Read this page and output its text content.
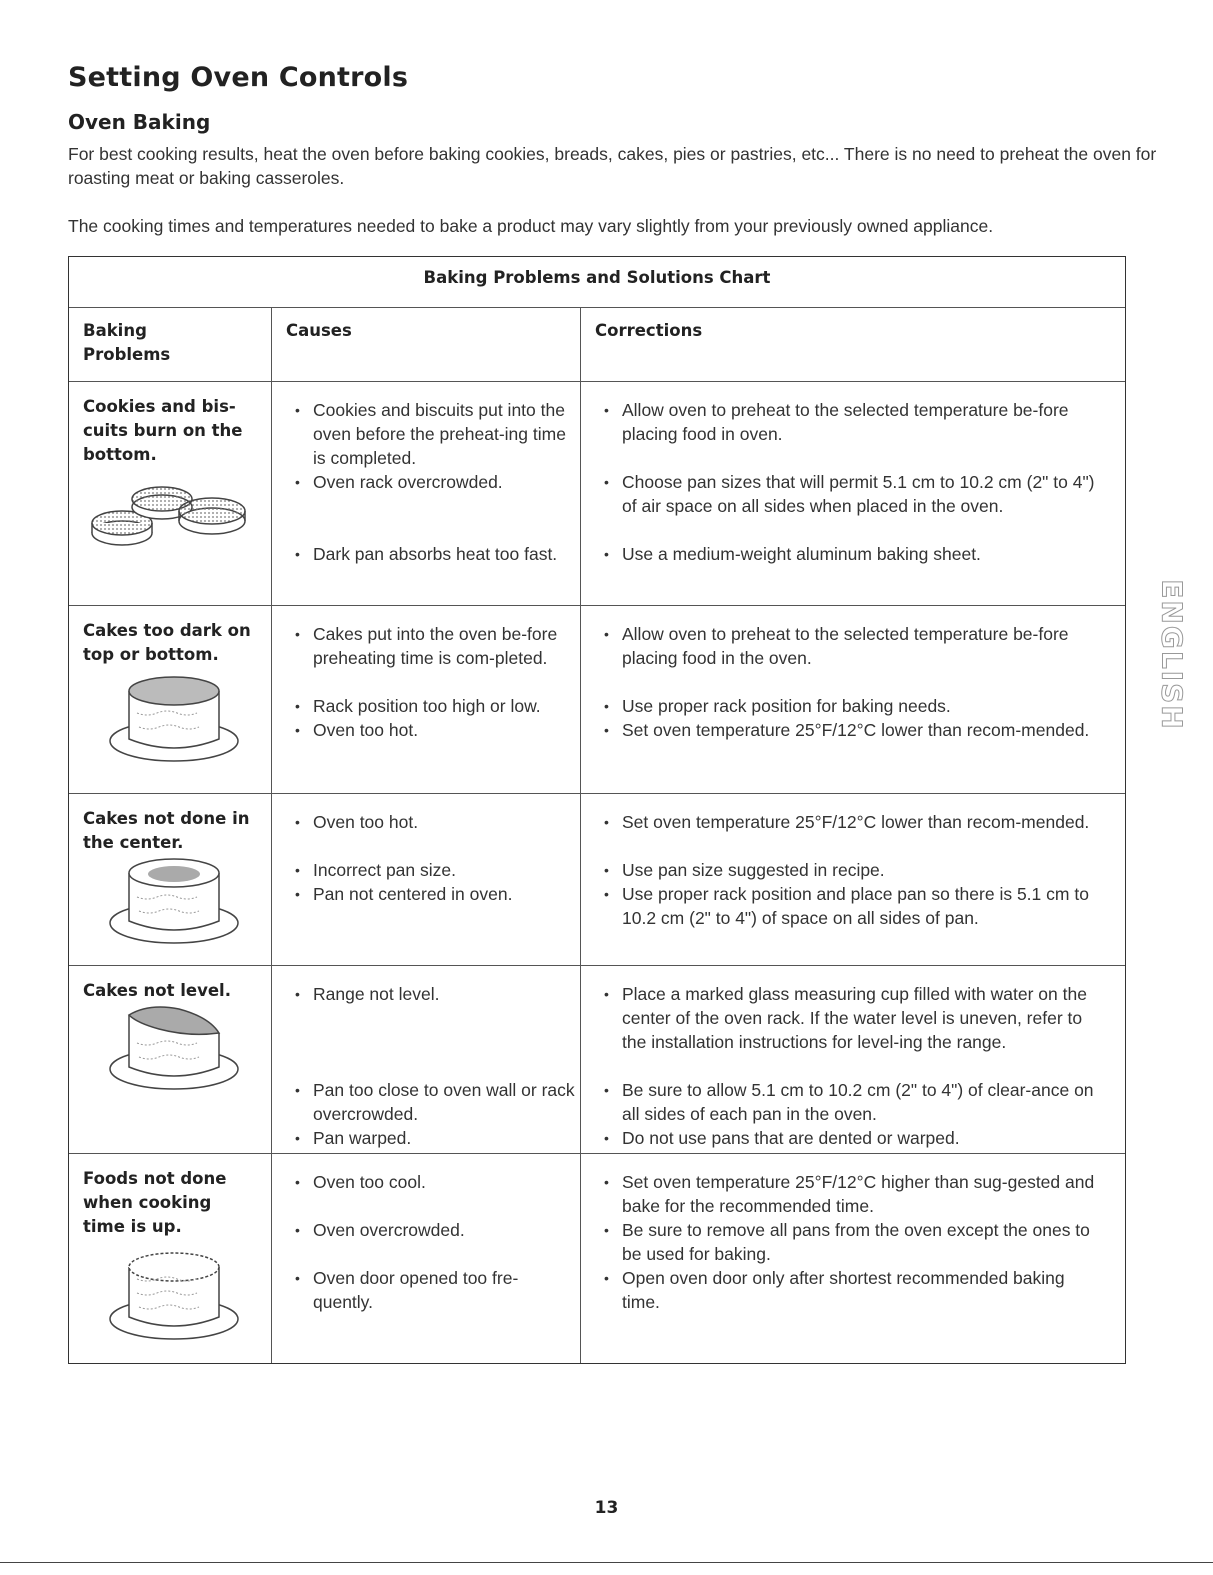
Setting Oven Controls
Oven Baking

For best cooking results, heat the oven before baking cookies, breads, cakes, pies or pastries, etc... There is no need to preheat the oven for roasting meat or baking casseroles.

The cooking times and temperatures needed to bake a product may vary slightly from your previously owned appliance.

Baking Problems and Solutions Chart
Baking
Problems
Causes	Corrections
Cookies and bis-
cuits burn on the
bottom.
• Cookies and biscuits put into the oven before the preheat-ing time is completed.
• Oven rack overcrowded.
• Dark pan absorbs heat too fast.
• Allow oven to preheat to the selected temperature be-fore placing food in oven.
• Choose pan sizes that will permit 5.1 cm to 10.2 cm (2" to 4") of air space on all sides when placed in the oven.
• Use a medium-weight aluminum baking sheet.
Cakes too dark on
top or bottom.
• Cakes put into the oven be-fore preheating time is com-pleted.
• Rack position too high or low.
• Oven too hot.
• Allow oven to preheat to the selected temperature be-fore placing food in the oven.
• Use proper rack position for baking needs.
• Set oven temperature 25°F/12°C lower than recom-mended.
Cakes not done in
the center.
• Oven too hot.
• Incorrect pan size.
• Pan not centered in oven.
• Set oven temperature 25°F/12°C lower than recom-mended.
• Use pan size suggested in recipe.
• Use proper rack position and place pan so there is 5.1 cm to 10.2 cm (2" to 4") of space on all sides of pan.
Cakes not level.
•	Range not level.
• Pan too close to oven wall or rack overcrowded.
• Pan warped.
• Place a marked glass measuring cup filled with water on the center of the oven rack. If the water level is uneven, refer to the installation instructions for level-ing the range.
• Be sure to allow 5.1 cm to 10.2 cm (2" to 4") of clear-ance on all sides of each pan in the oven.
• Do not use pans that are dented or warped.
Foods not done
when cooking
time is up.
• Oven too cool.
• Oven overcrowded.
• Oven door opened too fre-quently.
• Set oven temperature 25°F/12°C higher than sug-gested and bake for the recommended time.
• Be sure to remove all pans from the oven except the ones to be used for baking.
• Open oven door only after shortest recommended baking time.
ENGLISH
13
